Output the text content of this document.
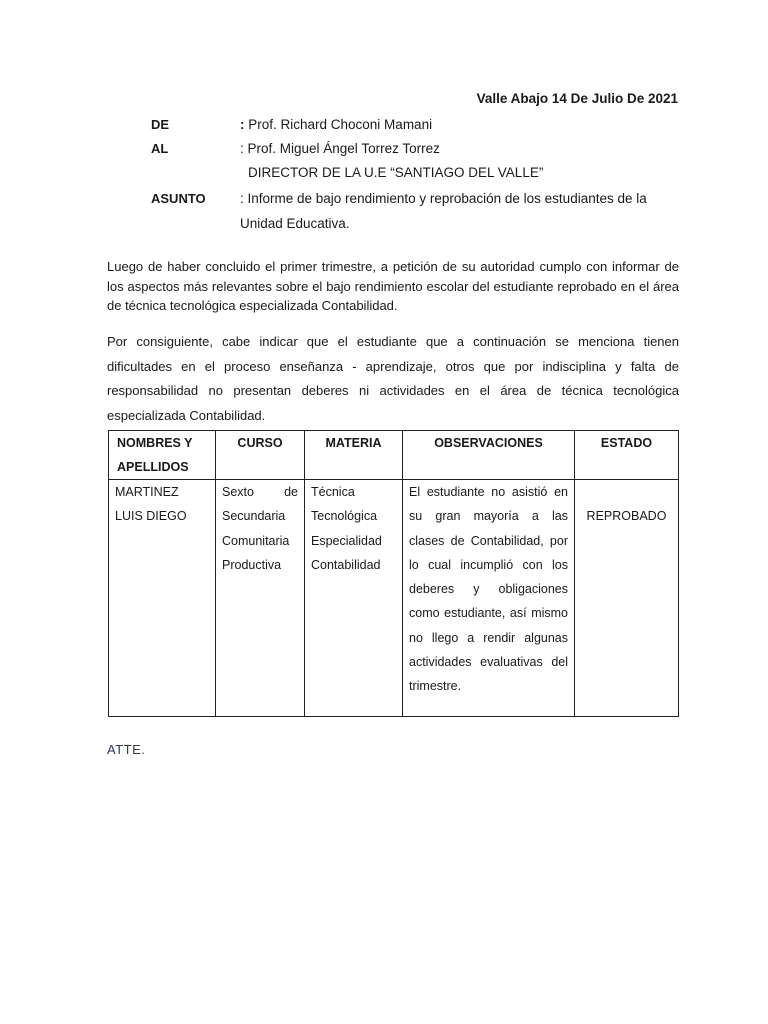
Valle Abajo 14 De Julio De 2021
DE	: Prof. Richard Choconi Mamani
AL	: Prof. Miguel Ángel Torrez Torrez
DIRECTOR DE LA U.E “SANTIAGO DEL VALLE”
ASUNTO	: Informe de bajo rendimiento y reprobación de los estudiantes de la
Unidad Educativa.

Luego de haber concluido el primer trimestre, a petición de su autoridad cumplo con informar de los aspectos más relevantes sobre el bajo rendimiento escolar del estudiante reprobado en el área de técnica tecnológica especializada Contabilidad.

Por consiguiente, cabe indicar que el estudiante que a continuación se menciona tienen dificultades en el proceso enseñanza - aprendizaje, otros que por indisciplina y falta de responsabilidad no presentan deberes ni actividades en el área de técnica tecnológica especializada Contabilidad.

NOMBRES Y APELLIDOS	CURSO	MATERIA	OBSERVACIONES	ESTADO

MARTINEZ LUIS DIEGO	Sexto de Secundaria Comunitaria Productiva	Técnica Tecnológica Especialidad Contabilidad	El estudiante no asistió en su gran mayoría a las clases de Contabilidad, por lo cual incumplió con los deberes y obligaciones como estudiante, así mismo no llego a rendir algunas actividades evaluativas del trimestre.	REPROBADO
ATTE.
